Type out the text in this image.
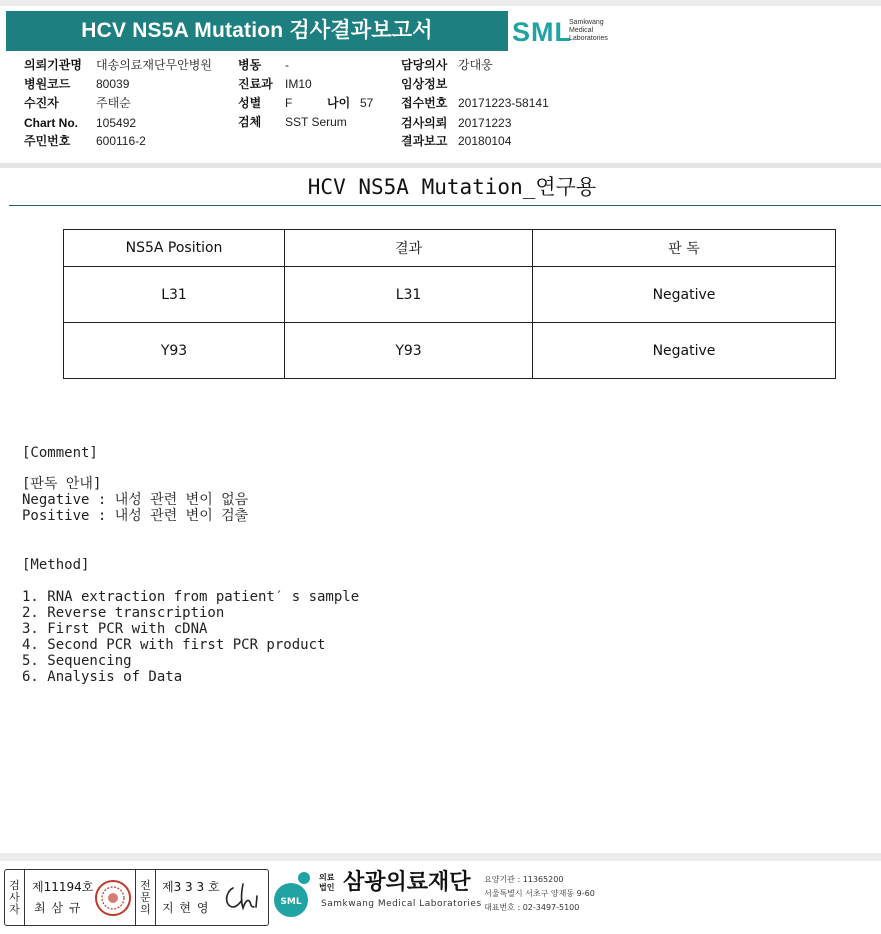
HCV NS5A Mutation 검사결과보고서	SML
Samkwang
Medical
Laboratories
의뢰기관명 대송의료재단무안병원
병원코드 80039
수진자	주태순
Chart No. 105492
주민번호 600116-2
병동 -
진료과 IM10
성별 F	나이 57
검체 SST Serum
담당의사 강대웅
임상정보
접수번호 20171223-58141
검사의뢰 20171223
결과보고 20180104
HCV NS5A Mutation_연구용
NS5A Position	결과	판 독
L31	L31	Negative
Y93	Y93	Negative
[Comment]
[판독 안내]
Negative : 내성 관련 변이 없음
Positive : 내성 관련 변이 검출
[Method]
1. RNA extraction from patient′ s sample
2. Reverse transcription
3. First PCR with cDNA
4. Second PCR with first PCR product
5. Sequencing
6. Analysis of Data
검사자
제11194호
최 삼 규
전문의
제3 3 3 호
지 현 영	SML
의료
법인 삼광의료재단
Samkwang Medical Laboratories
요양기관 : 11365200
서울특별시 서초구 양재동 9-60
대표번호 : 02-3497-5100
